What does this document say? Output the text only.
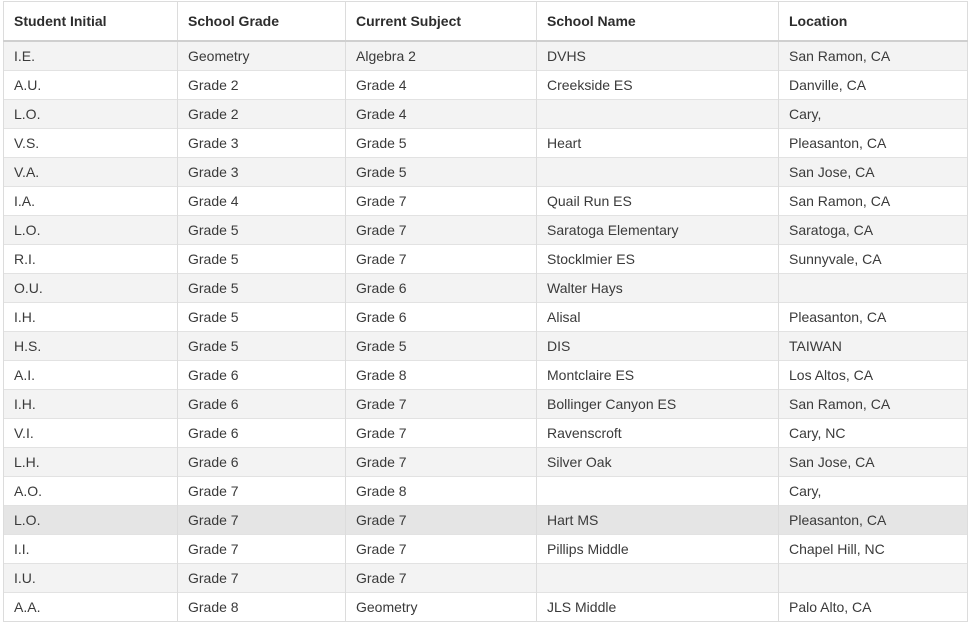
Student Initial	School Grade	Current Subject	School Name	Location
I.E.	Geometry	Algebra 2	DVHS	San Ramon, CA
A.U.	Grade 2	Grade 4	Creekside ES	Danville, CA
L.O.	Grade 2	Grade 4		Cary,
V.S.	Grade 3	Grade 5	Heart	Pleasanton, CA
V.A.	Grade 3	Grade 5		San Jose, CA
I.A.	Grade 4	Grade 7	Quail Run ES	San Ramon, CA
L.O.	Grade 5	Grade 7	Saratoga Elementary	Saratoga, CA
R.I.	Grade 5	Grade 7	Stocklmier ES	Sunnyvale, CA
O.U.	Grade 5	Grade 6	Walter Hays	
I.H.	Grade 5	Grade 6	Alisal	Pleasanton, CA
H.S.	Grade 5	Grade 5	DIS	TAIWAN
A.I.	Grade 6	Grade 8	Montclaire ES	Los Altos, CA
I.H.	Grade 6	Grade 7	Bollinger Canyon ES	San Ramon, CA
V.I.	Grade 6	Grade 7	Ravenscroft	Cary, NC
L.H.	Grade 6	Grade 7	Silver Oak	San Jose, CA
A.O.	Grade 7	Grade 8		Cary,
L.O.	Grade 7	Grade 7	Hart MS	Pleasanton, CA
I.I.	Grade 7	Grade 7	Pillips Middle	Chapel Hill, NC
I.U.	Grade 7	Grade 7		
A.A.	Grade 8	Geometry	JLS Middle	Palo Alto, CA
